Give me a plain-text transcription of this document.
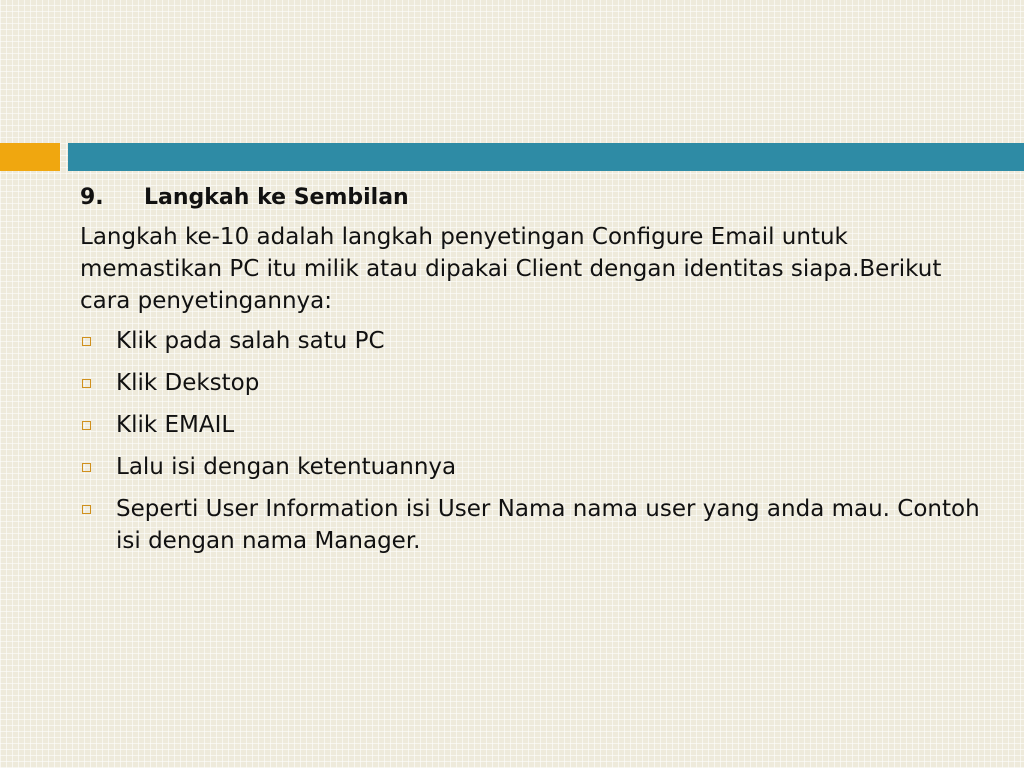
9.	Langkah ke Sembilan

Langkah ke-10 adalah langkah penyetingan Configure Email untuk memastikan PC itu milik atau dipakai Client dengan identitas siapa.Berikut cara penyetingannya:

Klik pada salah satu PC
Klik Dekstop
Klik EMAIL
Lalu isi dengan ketentuannya
Seperti User Information isi User Nama nama user yang anda mau. Contoh isi dengan nama Manager.
